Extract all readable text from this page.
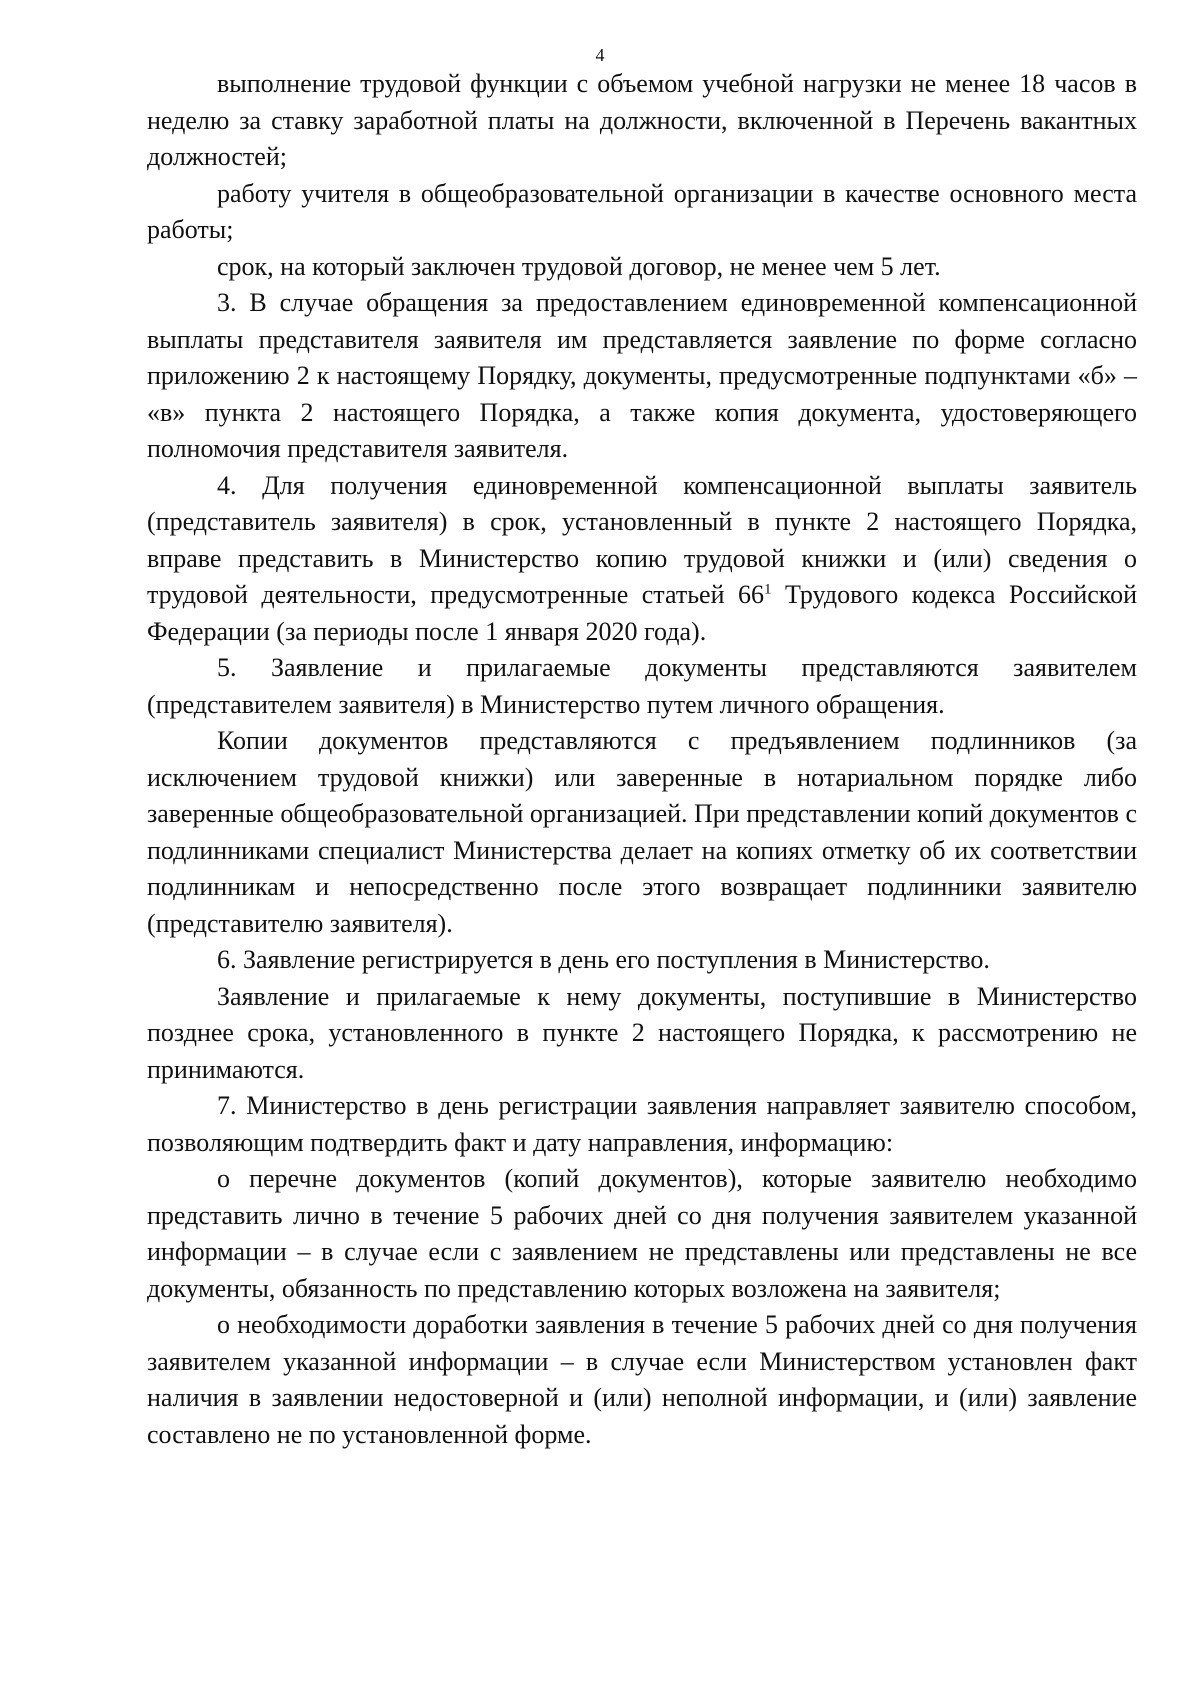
4

выполнение трудовой функции с объемом учебной нагрузки не менее 18 часов в неделю за ставку заработной платы на должности, включенной в Перечень вакантных должностей;

работу учителя в общеобразовательной организации в качестве основного места работы;

срок, на который заключен трудовой договор, не менее чем 5 лет.

3. В случае обращения за предоставлением единовременной компенсационной выплаты представителя заявителя им представляется заявление по форме согласно приложению 2 к настоящему Порядку, документы, предусмотренные подпунктами «б» – «в» пункта 2 настоящего Порядка, а также копия документа, удостоверяющего полномочия представителя заявителя.

4. Для получения единовременной компенсационной выплаты заявитель (представитель заявителя) в срок, установленный в пункте 2 настоящего Порядка, вправе представить в Министерство копию трудовой книжки и (или) сведения о трудовой деятельности, предусмотренные статьей $66^1$ Трудового кодекса Российской Федерации (за периоды после 1 января 2020 года).

5. Заявление и прилагаемые документы представляются заявителем (представителем заявителя) в Министерство путем личного обращения.

Копии документов представляются с предъявлением подлинников (за исключением трудовой книжки) или заверенные в нотариальном порядке либо заверенные общеобразовательной организацией. При представлении копий документов с подлинниками специалист Министерства делает на копиях отметку об их соответствии подлинникам и непосредственно после этого возвращает подлинники заявителю (представителю заявителя).

6. Заявление регистрируется в день его поступления в Министерство.

Заявление и прилагаемые к нему документы, поступившие в Министерство позднее срока, установленного в пункте 2 настоящего Порядка, к рассмотрению не принимаются.

7. Министерство в день регистрации заявления направляет заявителю способом, позволяющим подтвердить факт и дату направления, информацию:

о перечне документов (копий документов), которые заявителю необходимо представить лично в течение 5 рабочих дней со дня получения заявителем указанной информации – в случае если с заявлением не представлены или представлены не все документы, обязанность по представлению которых возложена на заявителя;

о необходимости доработки заявления в течение 5 рабочих дней со дня получения заявителем указанной информации – в случае если Министерством установлен факт наличия в заявлении недостоверной и (или) неполной информации, и (или) заявление составлено не по установленной форме.
